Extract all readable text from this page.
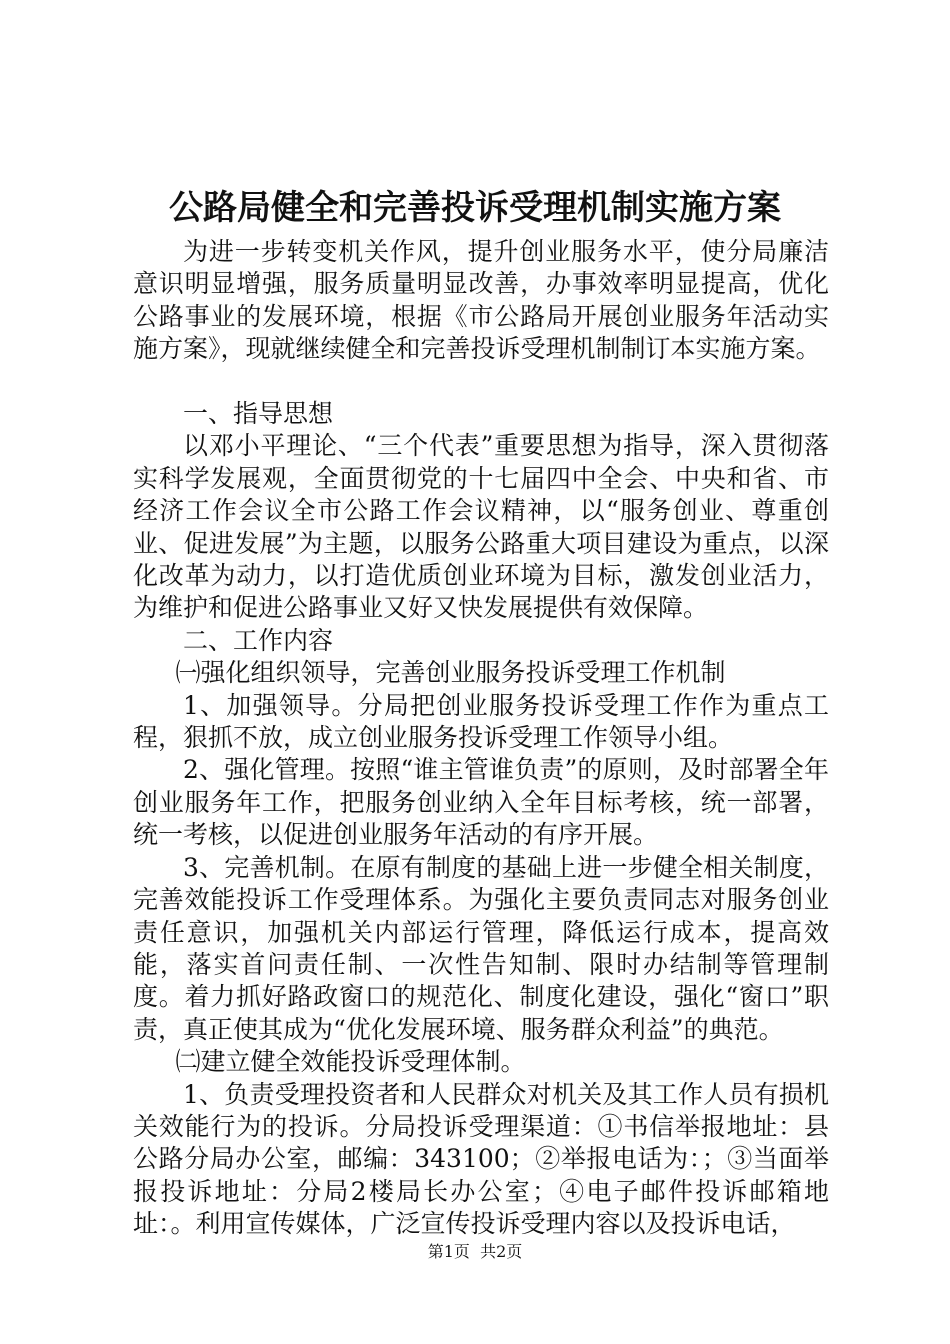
公路局健全和完善投诉受理机制实施方案

为进一步转变机关作风，提升创业服务水平，使分局廉洁意识明显增强，服务质量明显改善，办事效率明显提高，优化公路事业的发展环境，根据《市公路局开展创业服务年活动实施方案》，现就继续健全和完善投诉受理机制制订本实施方案。

一、指导思想

以邓小平理论、“三个代表”重要思想为指导，深入贯彻落实科学发展观，全面贯彻党的十七届四中全会、中央和省、市经济工作会议全市公路工作会议精神，以“服务创业、尊重创业、促进发展”为主题，以服务公路重大项目建设为重点，以深化改革为动力，以打造优质创业环境为目标，激发创业活力，为维护和促进公路事业又好又快发展提供有效保障。

二、工作内容

㈠强化组织领导，完善创业服务投诉受理工作机制

1、加强领导。分局把创业服务投诉受理工作作为重点工程，狠抓不放，成立创业服务投诉受理工作领导小组。

2、强化管理。按照“谁主管谁负责”的原则，及时部署全年创业服务年工作，把服务创业纳入全年目标考核，统一部署，统一考核，以促进创业服务年活动的有序开展。

3、完善机制。在原有制度的基础上进一步健全相关制度，完善效能投诉工作受理体系。为强化主要负责同志对服务创业责任意识，加强机关内部运行管理，降低运行成本，提高效能，落实首问责任制、一次性告知制、限时办结制等管理制度。着力抓好路政窗口的规范化、制度化建设，强化“窗口”职责，真正使其成为“优化发展环境、服务群众利益”的典范。

㈡建立健全效能投诉受理体制。

1、负责受理投资者和人民群众对机关及其工作人员有损机关效能行为的投诉。分局投诉受理渠道：①书信举报地址：县公路分局办公室，邮编：343100；②举报电话为：；③当面举报投诉地址：分局2楼局长办公室；④电子邮件投诉邮箱地址：。利用宣传媒体，广泛宣传投诉受理内容以及投诉电话，

第1页  共2页
